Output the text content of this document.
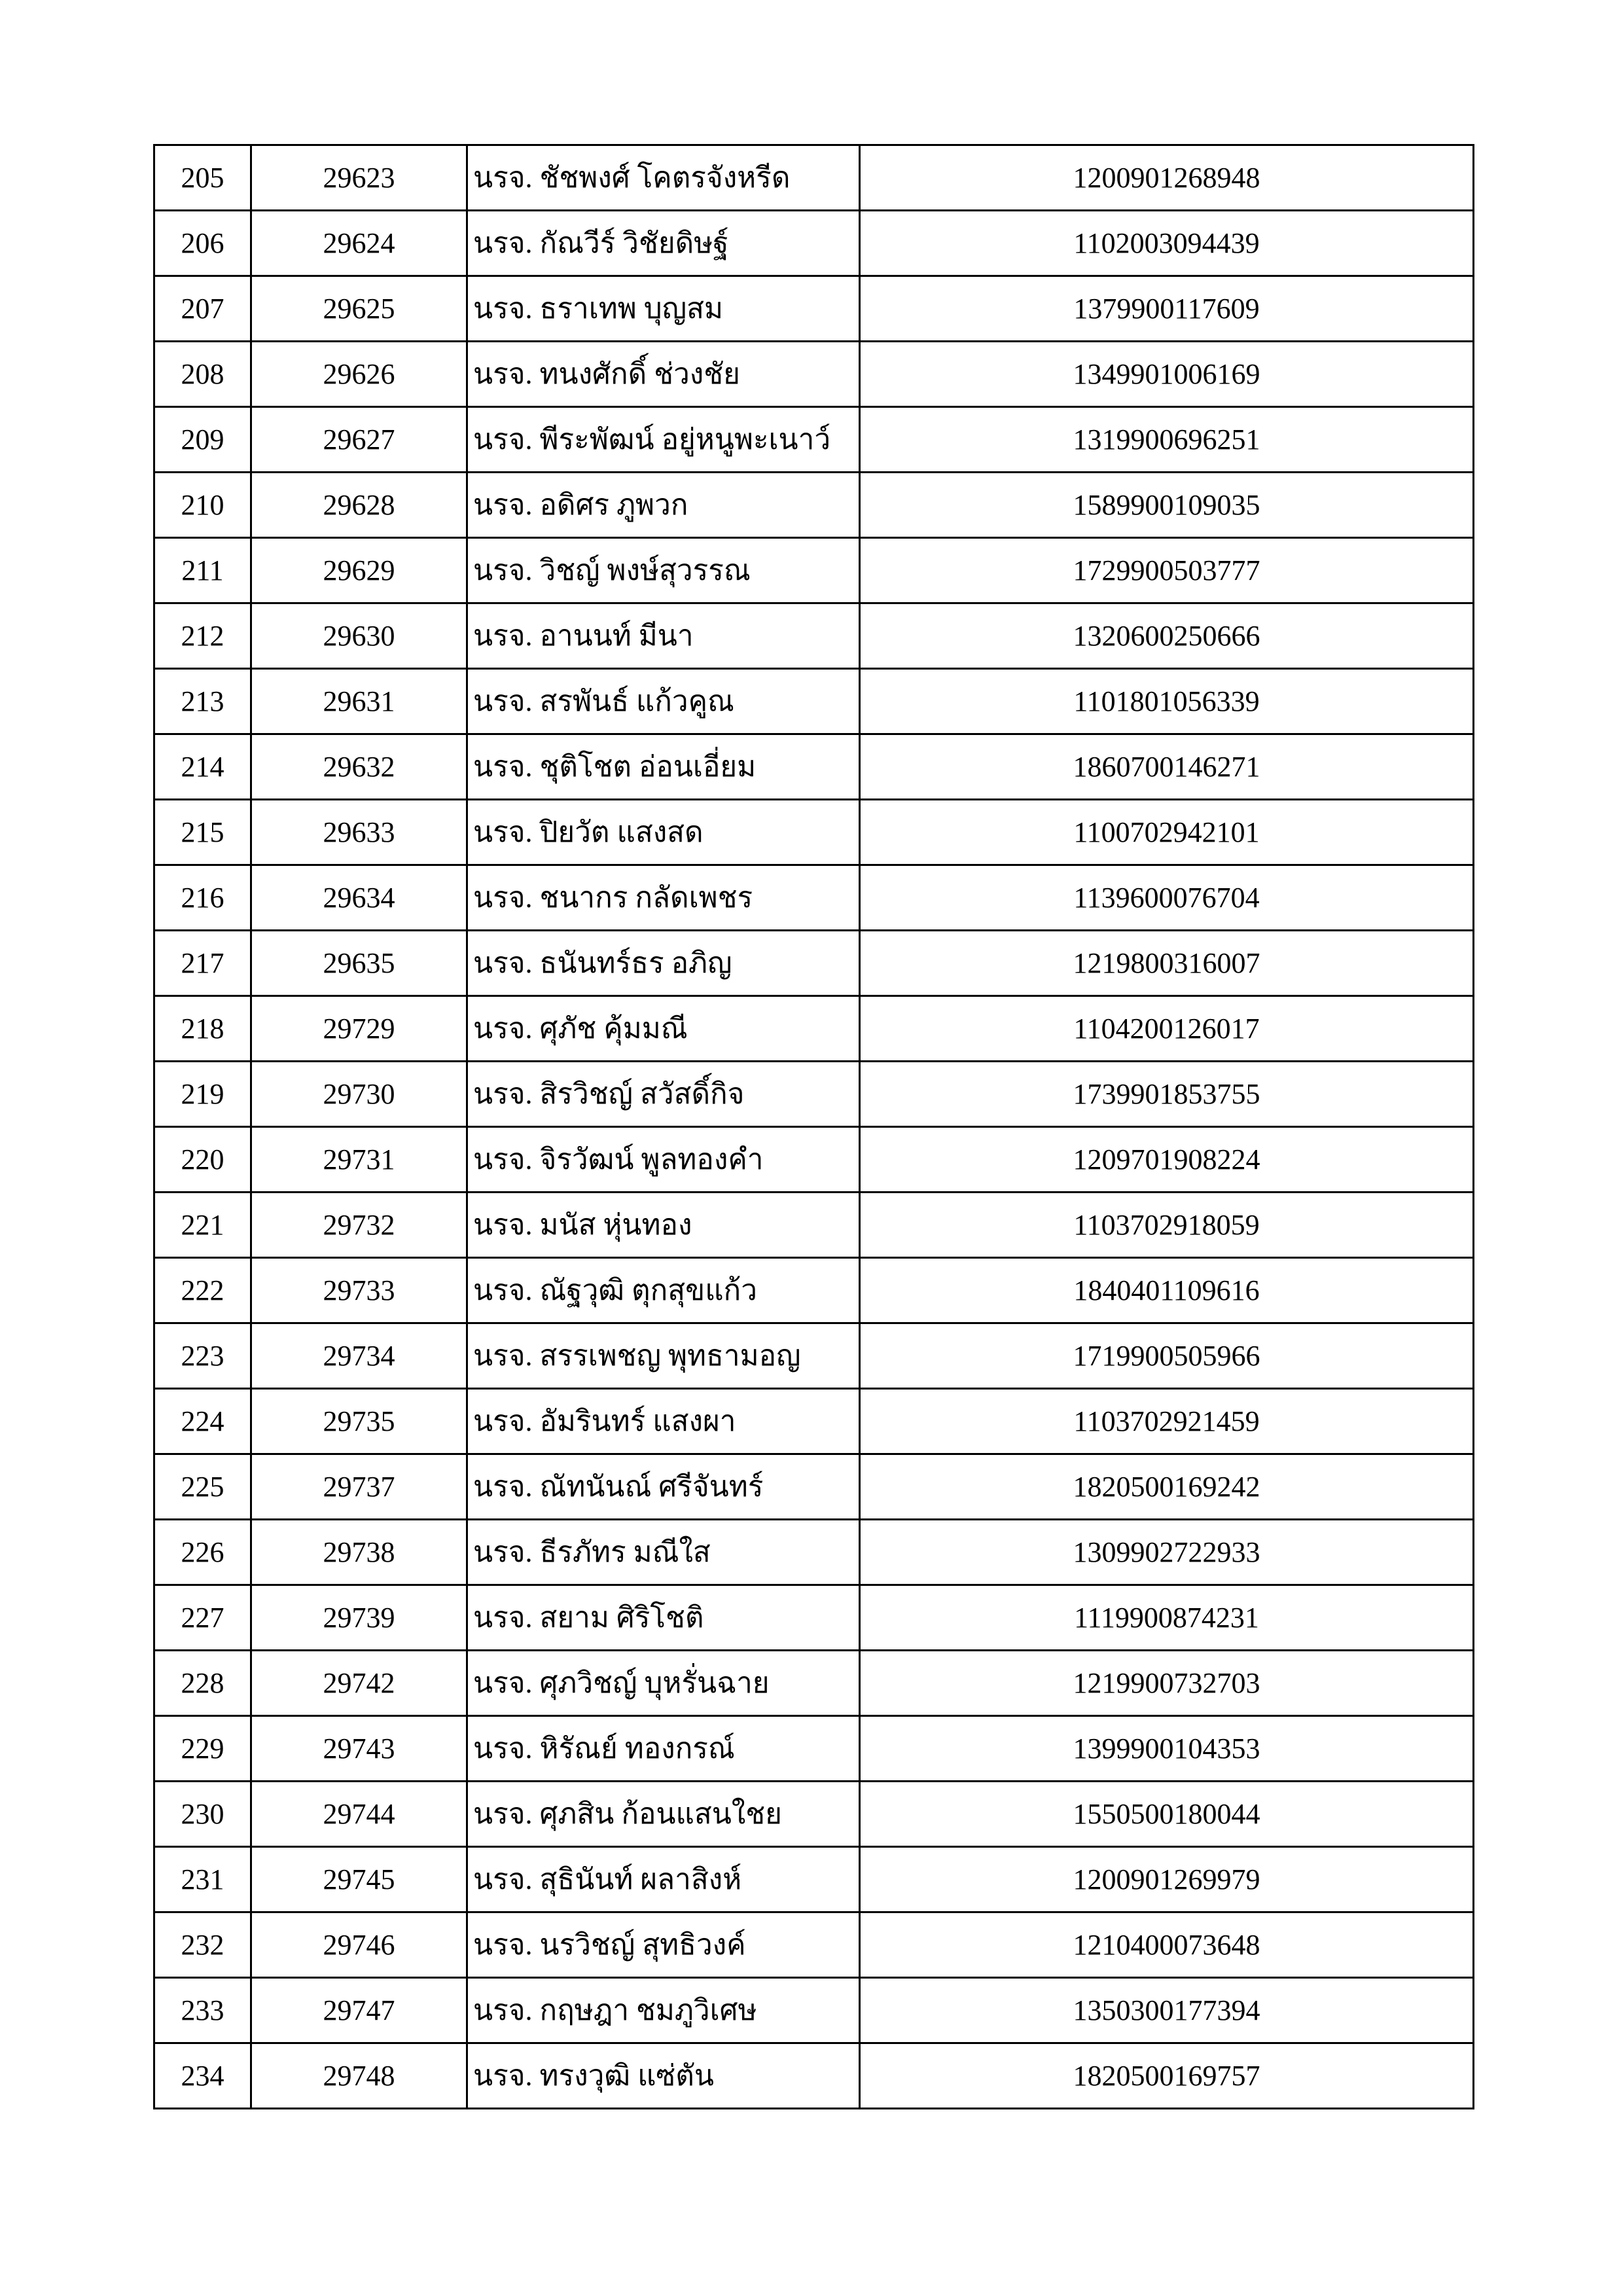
205	29623	นรจ. ชัชพงศ์ โคตรจังหรีด	1200901268948
206	29624	นรจ. กัณวีร์ วิชัยดิษฐ์	1102003094439
207	29625	นรจ. ธราเทพ บุญสม	1379900117609
208	29626	นรจ. ทนงศักดิ์ ช่วงชัย	1349901006169
209	29627	นรจ. พีระพัฒน์ อยู่หนูพะเนาว์	1319900696251
210	29628	นรจ. อดิศร ภูพวก	1589900109035
211	29629	นรจ. วิชญ์ พงษ์สุวรรณ	1729900503777
212	29630	นรจ. อานนท์ มีนา	1320600250666
213	29631	นรจ. สรพันธ์ แก้วคูณ	1101801056339
214	29632	นรจ. ชุติโชต อ่อนเอี่ยม	1860700146271
215	29633	นรจ. ปิยวัต แสงสด	1100702942101
216	29634	นรจ. ชนากร กลัดเพชร	1139600076704
217	29635	นรจ. ธนันทร์ธร อภิญ	1219800316007
218	29729	นรจ. ศุภัช คุ้มมณี	1104200126017
219	29730	นรจ. สิรวิชญ์ สวัสดิ์กิจ	1739901853755
220	29731	นรจ. จิรวัฒน์ พูลทองคำ	1209701908224
221	29732	นรจ. มนัส หุ่นทอง	1103702918059
222	29733	นรจ. ณัฐวุฒิ ตุกสุขแก้ว	1840401109616
223	29734	นรจ. สรรเพชญ พุทธามอญ	1719900505966
224	29735	นรจ. อัมรินทร์ แสงผา	1103702921459
225	29737	นรจ. ณัทนันณ์ ศรีจันทร์	1820500169242
226	29738	นรจ. ธีรภัทร มณีใส	1309902722933
227	29739	นรจ. สยาม ศิริโชติ	1119900874231
228	29742	นรจ. ศุภวิชญ์ บุหรั่นฉาย	1219900732703
229	29743	นรจ. หิรัณย์ ทองกรณ์	1399900104353
230	29744	นรจ. ศุภสิน ก้อนแสนใชย	1550500180044
231	29745	นรจ. สุธินันท์ ผลาสิงห์	1200901269979
232	29746	นรจ. นรวิชญ์ สุทธิวงค์	1210400073648
233	29747	นรจ. กฤษฎา ชมภูวิเศษ	1350300177394
234	29748	นรจ. ทรงวุฒิ แซ่ตัน	1820500169757
